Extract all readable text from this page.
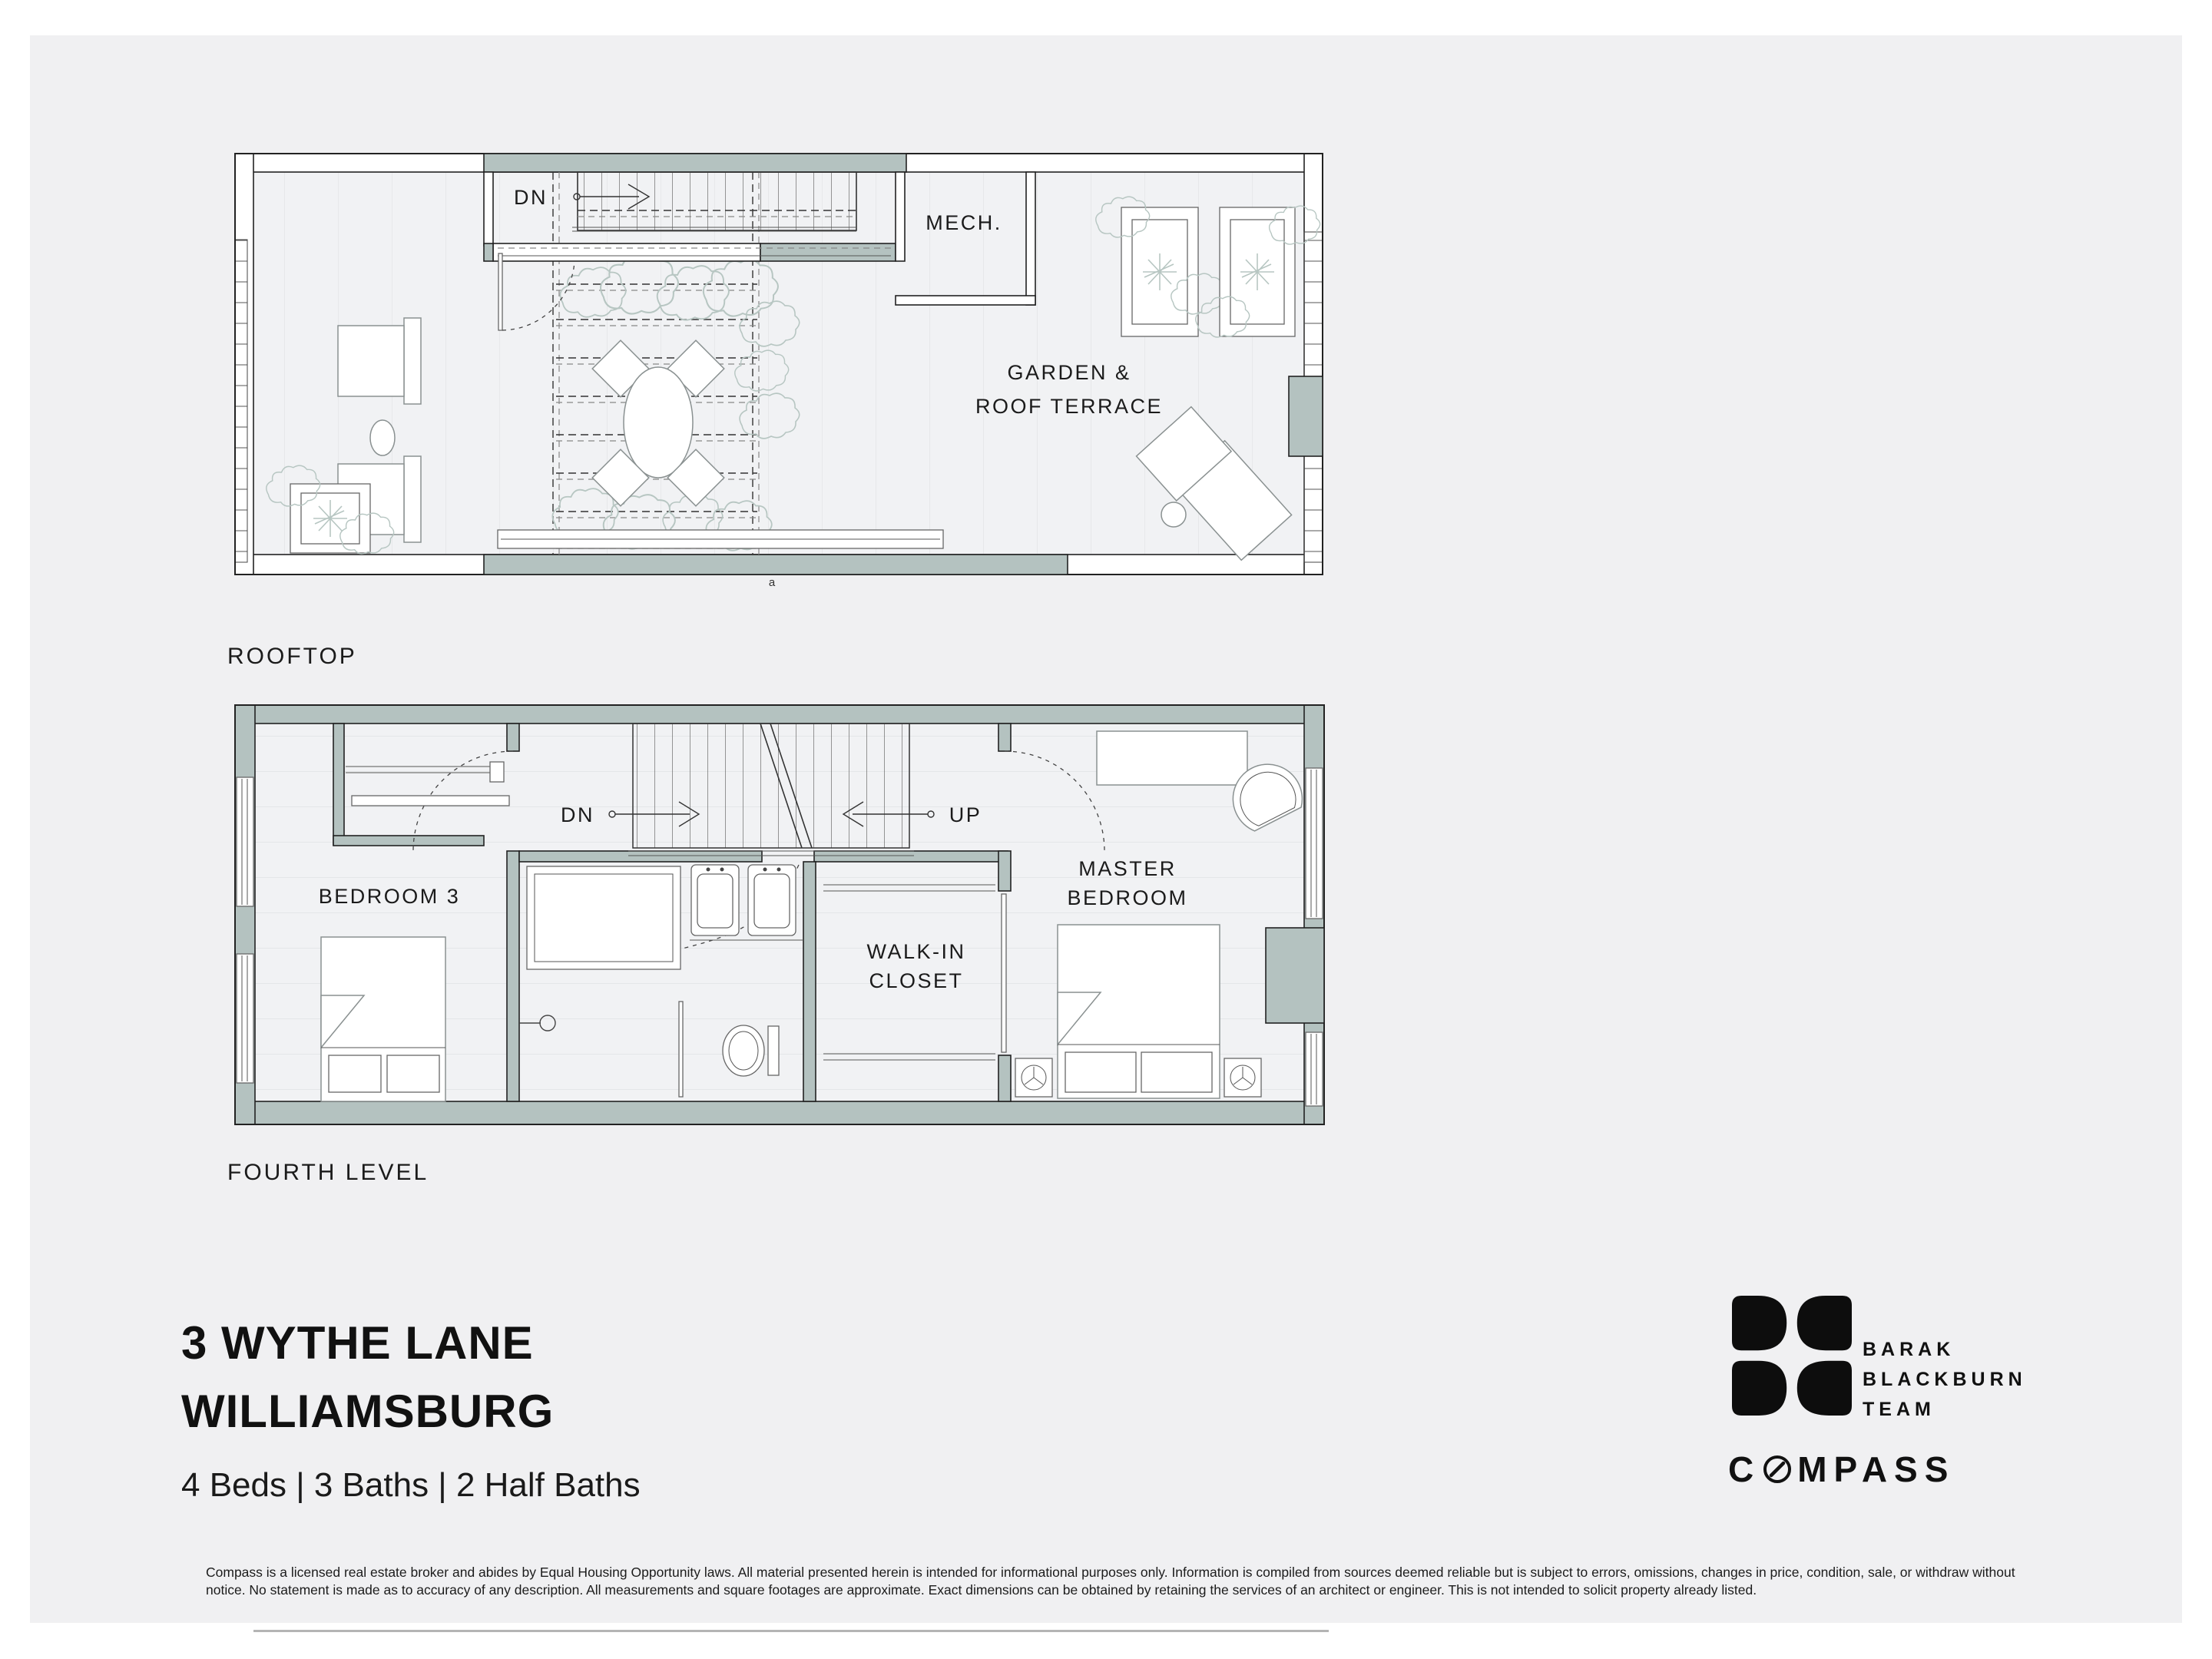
DN
MECH.
GARDEN &
ROOF TERRACE
a
ROOFTOP
DN	UP
BEDROOM 3
WALK-IN
CLOSET
MASTER
BEDROOM
FOURTH LEVEL
3 WYTHE LANE
WILLIAMSBURG
4 Beds | 3 Baths | 2 Half Baths
BARAK
BLACKBURN
TEAM
C MPASS
Compass is a licensed real estate broker and abides by Equal Housing Opportunity laws. All material presented herein is intended for informational purposes only. Information is compiled from sources deemed reliable but is subject to errors, omissions, changes in price, condition, sale, or withdraw without notice. No statement is made as to accuracy of any description. All measurements and square footages are approximate. Exact dimensions can be obtained by retaining the services of an architect or engineer. This is not intended to solicit property already listed.
